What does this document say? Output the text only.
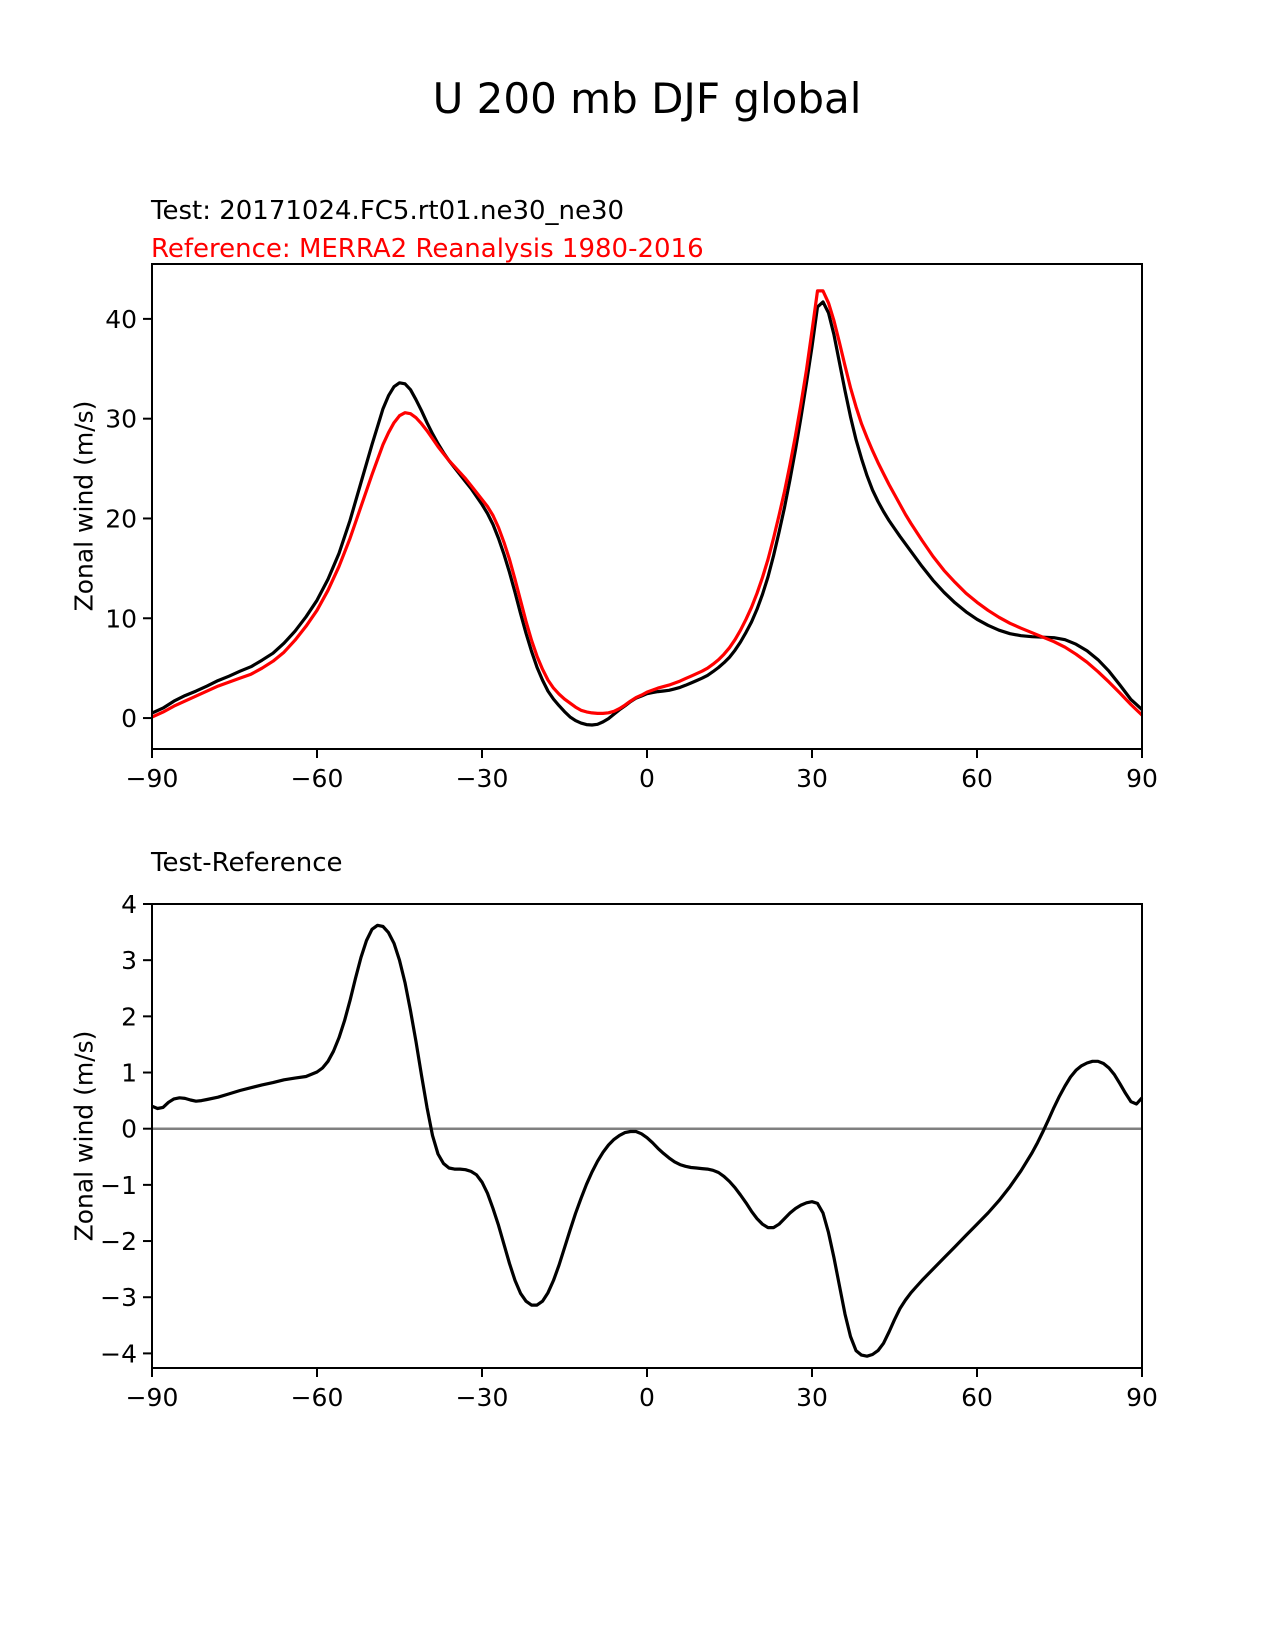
U 200 mb DJF global
Test: 20171024.FC5.rt01.ne30_ne30
Reference: MERRA2 Reanalysis 1980-2016
Zonal wind (m/s)
Test-Reference
Zonal wind (m/s)
−90	−60	−30	0	30	60	90
0
10
20
30
40
−90	−60	−30	0	30	60	90
−4
−3
−2
−1
0
1
2
3
4
